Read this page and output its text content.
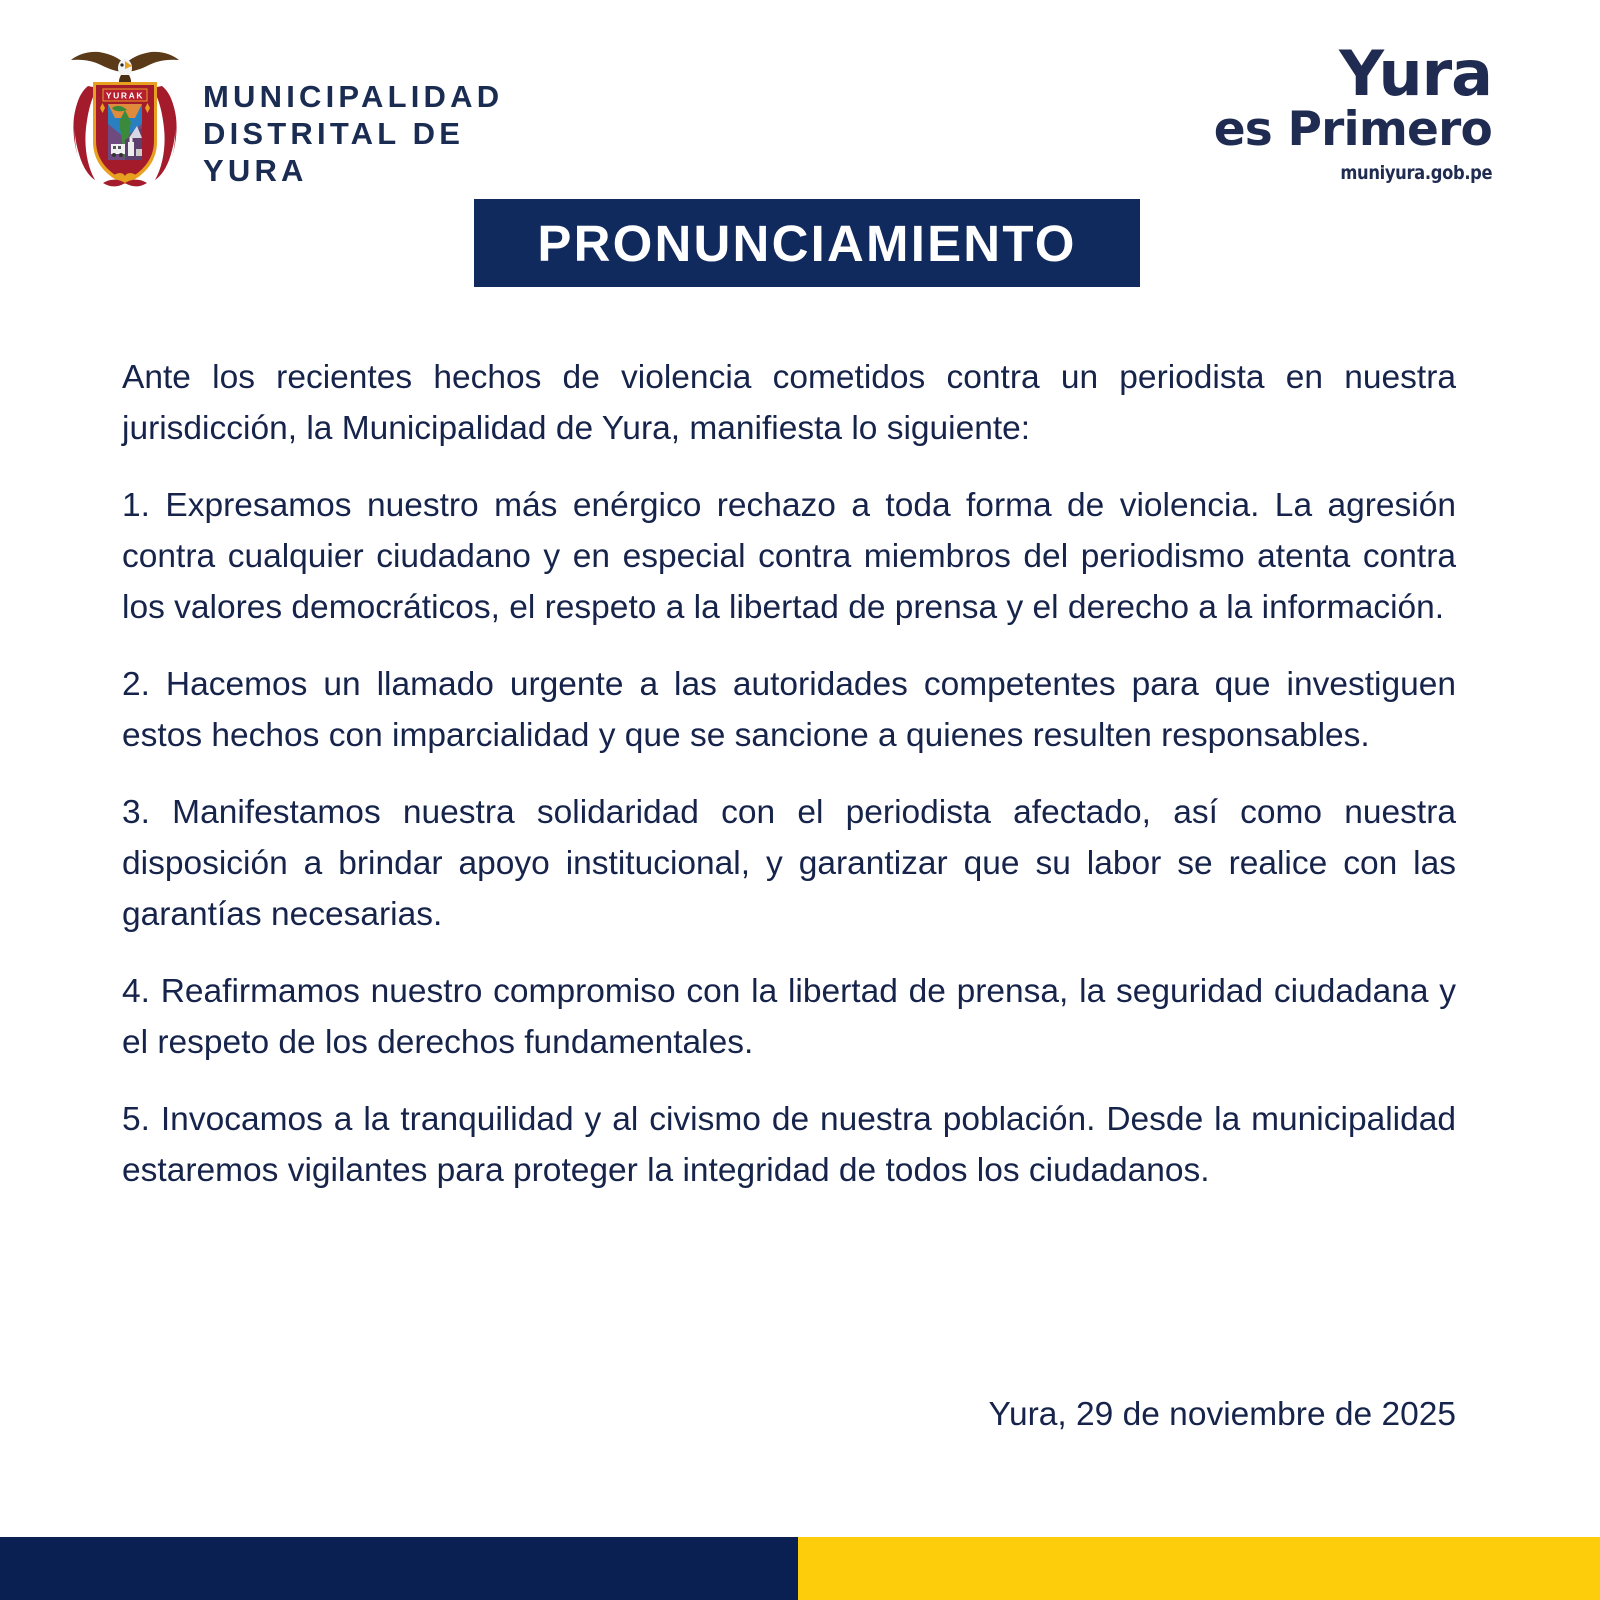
YURAK MUNICIPALIDAD
DISTRITAL DE
YURA
Yura
es Primero
muniyura.gob.pe
PRONUNCIAMIENTO

Ante los recientes hechos de violencia cometidos contra un periodista en nuestra jurisdicción, la Municipalidad de Yura, manifiesta lo siguiente:

1. Expresamos nuestro más enérgico rechazo a toda forma de violencia. La agresión contra cualquier ciudadano y en especial contra miembros del periodismo atenta contra los valores democráticos, el respeto a la libertad de prensa y el derecho a la información.

2. Hacemos un llamado urgente a las autoridades competentes para que investiguen estos hechos con imparcialidad y que se sancione a quienes resulten responsables.

3. Manifestamos nuestra solidaridad con el periodista afectado, así como nuestra disposición a brindar apoyo institucional, y garantizar que su labor se realice con las garantías necesarias.

4. Reafirmamos nuestro compromiso con la libertad de prensa, la seguridad ciudadana y el respeto de los derechos fundamentales.

5. Invocamos a la tranquilidad y al civismo de nuestra población. Desde la municipalidad estaremos vigilantes para proteger la integridad de todos los ciudadanos.

Yura, 29 de noviembre de 2025
